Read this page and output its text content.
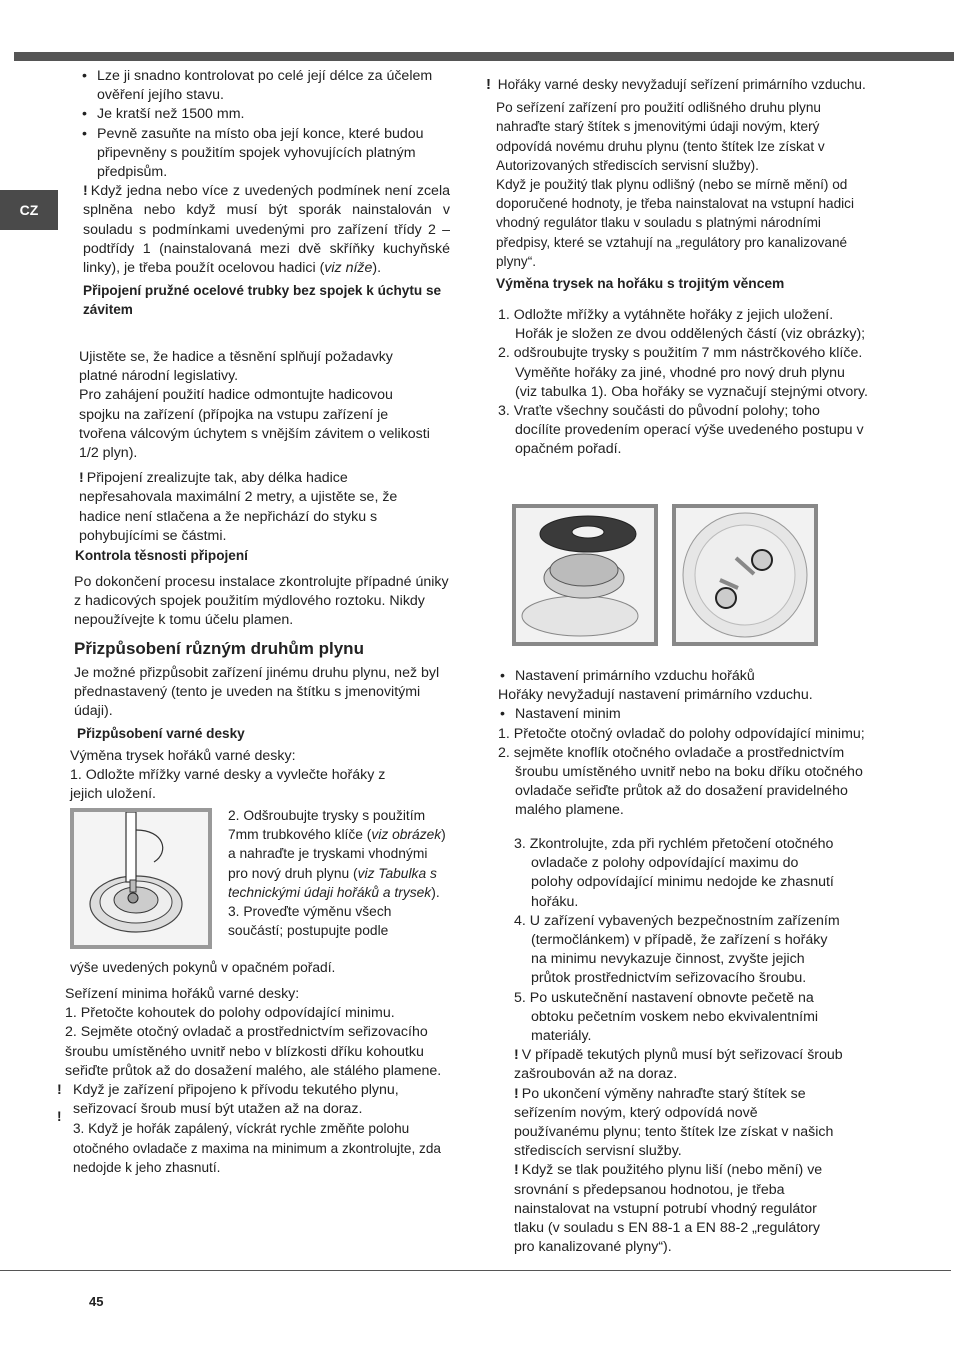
CZ

• Lze ji snadno kontrolovat po celé její délce za účelem ověření jejího stavu.

• Je kratší než 1500 mm.

• Pevně zasuňte na místo oba její konce, které budou připevněny s použitím spojek vyhovujících platným předpisům.

! Když jedna nebo více z uvedených podmínek není zcela splněna nebo když musí být sporák nainstalován v souladu s podmínkami uvedenými pro zařízení třídy 2 – podtřídy 1 (nainstalovaná mezi dvě skříňky kuchyňské linky), je třeba použít ocelovou hadici (viz níže).

Připojení pružné ocelové trubky bez spojek k úchytu se závitem

Ujistěte se, že hadice a těsnění splňují požadavky platné národní legislativy.

Pro zahájení použití hadice odmontujte hadicovou spojku na zařízení (přípojka na vstupu zařízení je tvořena válcovým úchytem s vnějším závitem o velikosti 1/2 plyn).

! Připojení zrealizujte tak, aby délka hadice nepřesahovala maximální 2 metry, a ujistěte se, že hadice není stlačena a že nepřichází do styku s pohybujícími se částmi.

Kontrola těsnosti připojení

Po dokončení procesu instalace zkontrolujte případné úniky z hadicových spojek použitím mýdlového roztoku. Nikdy nepoužívejte k tomu účelu plamen.

Přizpůsobení různým druhům plynu

Je možné přizpůsobit zařízení jinému druhu plynu, než byl přednastavený (tento je uveden na štítku s jmenovitými údaji).

Přizpůsobení varné desky

Výměna trysek hořáků varné desky:

1. Odložte mřížky varné desky a vyvlečte hořáky z jejich uložení.

2. Odšroubujte trysky s použitím 7mm trubkového klíče (viz obrázek) a nahraďte je tryskami vhodnými pro nový druh plynu (viz Tabulka s technickými údaji hořáků a trysek).

3. Proveďte výměnu všech součástí; postupujte podle

výše uvedených pokynů v opačném pořadí.

Seřízení minima hořáků varné desky:

1. Přetočte kohoutek do polohy odpovídající minimu.

2. Sejměte otočný ovladač a prostřednictvím seřizovacího šroubu umístěného uvnitř nebo v blízkosti dříku kohoutku seřiďte průtok až do dosažení malého, ale stálého plamene.

! Když je zařízení připojeno k přívodu tekutého plynu, seřizovací šroub musí být utažen až na doraz.

!
3. Když je hořák zapálený, víckrát rychle změňte polohu otočného ovladače z maxima na minimum a zkontrolujte, zda nedojde k jeho zhasnutí.

! Hořáky varné desky nevyžadují seřízení primárního vzduchu.

Po seřízení zařízení pro použití odlišného druhu plynu nahraďte starý štítek s jmenovitými údaji novým, který odpovídá novému druhu plynu (tento štítek lze získat v Autorizovaných střediscích servisní služby).

Když je použitý tlak plynu odlišný (nebo se mírně mění) od doporučené hodnoty, je třeba nainstalovat na vstupní hadici vhodný regulátor tlaku v souladu s platnými národními předpisy, které se vztahují na „regulátory pro kanalizované plyny“.

Výměna trysek na hořáku s trojitým věncem

1. Odložte mřížky a vytáhněte hořáky z jejich uložení. Hořák je složen ze dvou oddělených částí (viz obrázky);

2. odšroubujte trysky s použitím 7 mm nástrčkového klíče. Vyměňte hořáky za jiné, vhodné pro nový druh plynu (viz tabulka 1). Oba hořáky se vyznačují stejnými otvory.

3. Vraťte všechny součásti do původní polohy; toho docílíte provedením operací výše uvedeného postupu v opačném pořadí.

• Nastavení primárního vzduchu hořáků

Hořáky nevyžadují nastavení primárního vzduchu.

• Nastavení minim

1. Přetočte otočný ovladač do polohy odpovídající minimu;

2. sejměte knoflík otočného ovladače a prostřednictvím šroubu umístěného uvnitř nebo na boku dříku otočného ovladače seřiďte průtok až do dosažení pravidelného malého plamene.

3. Zkontrolujte, zda při rychlém přetočení otočného ovladače z polohy odpovídající maximu do polohy odpovídající minimu nedojde ke zhasnutí hořáku.

4. U zařízení vybavených bezpečnostním zařízením (termočlánkem) v případě, že zařízení s hořáky na minimu nevykazuje činnost, zvyšte jejich průtok prostřednictvím seřizovacího šroubu.

5. Po uskutečnění nastavení obnovte pečetě na obtoku pečetním voskem nebo ekvivalentními materiály.

! V případě tekutých plynů musí být seřizovací šroub zašroubován až na doraz.

! Po ukončení výměny nahraďte starý štítek se seřízením novým, který odpovídá nově používanému plynu; tento štítek lze získat v našich střediscích servisní služby.

! Když se tlak použitého plynu liší (nebo mění) ve srovnání s předepsanou hodnotou, je třeba nainstalovat na vstupní potrubí vhodný regulátor tlaku (v souladu s EN 88-1 a EN 88-2 „regulátory pro kanalizované plyny“).

45
